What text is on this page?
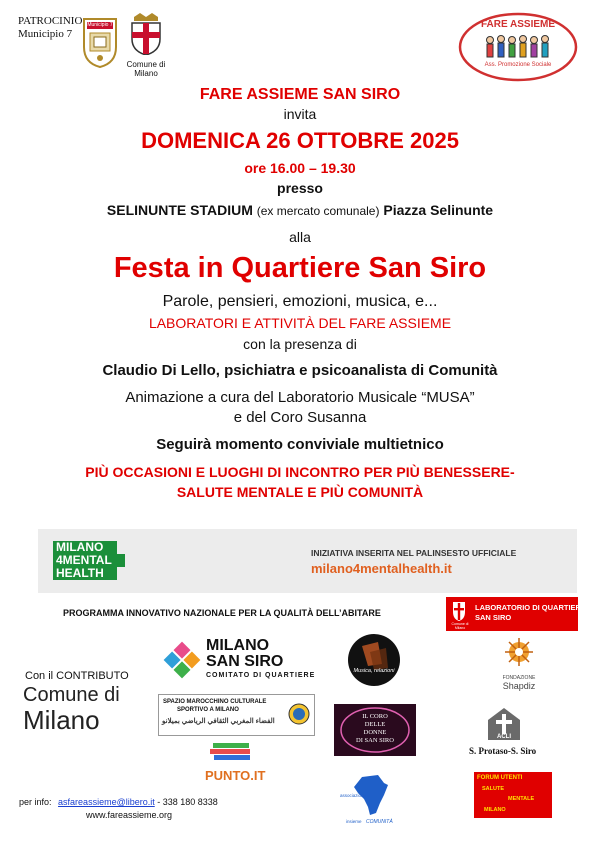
PATROCINIO
Municipio 7
Municipio 7
Comune di
Milano
FARE ASSIEME
Ass. Promozione Sociale
FARE ASSIEME SAN SIRO
invita
DOMENICA 26 OTTOBRE 2025
ore 16.00 – 19.30
presso
SELINUNTE STADIUM (ex mercato comunale) Piazza Selinunte
alla
Festa in Quartiere San Siro
Parole, pensieri, emozioni, musica, e...
LABORATORI E ATTIVITÀ DEL FARE ASSIEME
con la presenza di
Claudio Di Lello, psichiatra e psicoanalista di Comunità
Animazione a cura del Laboratorio Musicale “MUSA”
e del Coro Susanna
Seguirà momento conviviale multietnico
PIÙ OCCASIONI E LUOGHI DI INCONTRO PER PIÙ BENESSERE-
SALUTE MENTALE E PIÙ COMUNITÀ
MILANO
4MENTAL
HEALTH
INIZIATIVA INSERITA NEL PALINSESTO UFFICIALE
milano4mentalhealth.it
PROGRAMMA INNOVATIVO NAZIONALE PER LA QUALITÀ DELL’ABITARE
Comune di Milano
LABORATORIO DI QUARTIERE
SAN SIRO
Con il CONTRIBUTO
Comune di
Milano
MILANO
SAN SIRO
COMITATO DI QUARTIERE
SPAZIO MAROCCHINO CULTURALE
SPORTIVO A MILANO
الفضاء المغربي الثقافي الرياضي بميلانو
PUNTO.IT
Musica, relazioni
IL CORO
DELLE
DONNE
DI SAN SIRO
associazione
insieme COMUNITÀ
FONDAZIONE
Shapdiz
ACLI
S. Protaso-S. Siro
FORUM UTENTI
SALUTE
MENTALE
MILANO
per info: asfareassieme@libero.it - 338 180 8338
www.fareassieme.org
